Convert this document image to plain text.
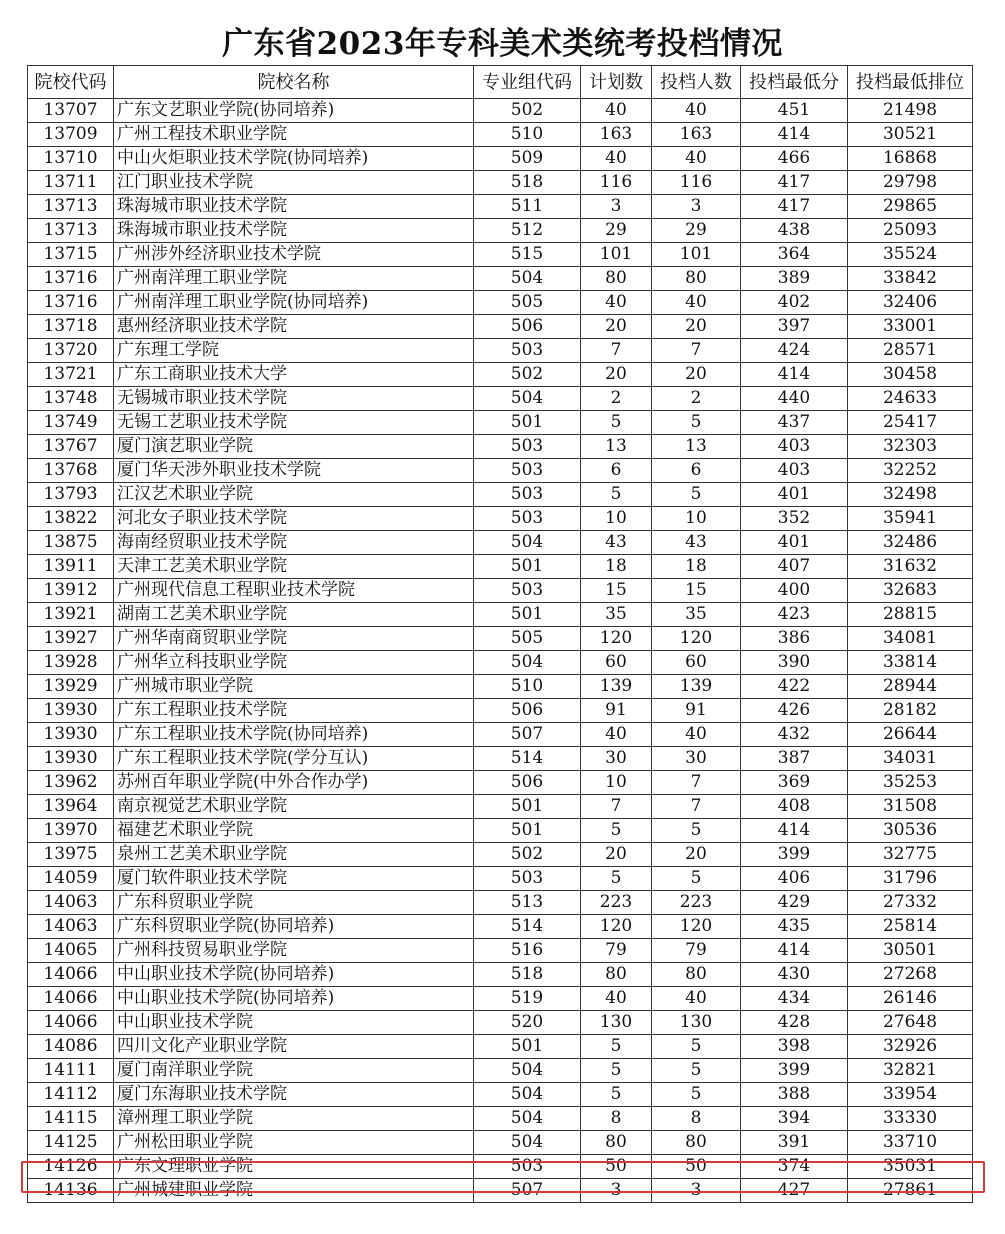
广东省2023年专科美术类统考投档情况
院校代码	院校名称	专业组代码	计划数	投档人数	投档最低分	投档最低排位
13707	广东文艺职业学院(协同培养)	502	40	40	451	21498
13709	广州工程技术职业学院	510	163	163	414	30521
13710	中山火炬职业技术学院(协同培养)	509	40	40	466	16868
13711	江门职业技术学院	518	116	116	417	29798
13713	珠海城市职业技术学院	511	3	3	417	29865
13713	珠海城市职业技术学院	512	29	29	438	25093
13715	广州涉外经济职业技术学院	515	101	101	364	35524
13716	广州南洋理工职业学院	504	80	80	389	33842
13716	广州南洋理工职业学院(协同培养)	505	40	40	402	32406
13718	惠州经济职业技术学院	506	20	20	397	33001
13720	广东理工学院	503	7	7	424	28571
13721	广东工商职业技术大学	502	20	20	414	30458
13748	无锡城市职业技术学院	504	2	2	440	24633
13749	无锡工艺职业技术学院	501	5	5	437	25417
13767	厦门演艺职业学院	503	13	13	403	32303
13768	厦门华天涉外职业技术学院	503	6	6	403	32252
13793	江汉艺术职业学院	503	5	5	401	32498
13822	河北女子职业技术学院	503	10	10	352	35941
13875	海南经贸职业技术学院	504	43	43	401	32486
13911	天津工艺美术职业学院	501	18	18	407	31632
13912	广州现代信息工程职业技术学院	503	15	15	400	32683
13921	湖南工艺美术职业学院	501	35	35	423	28815
13927	广州华南商贸职业学院	505	120	120	386	34081
13928	广州华立科技职业学院	504	60	60	390	33814
13929	广州城市职业学院	510	139	139	422	28944
13930	广东工程职业技术学院	506	91	91	426	28182
13930	广东工程职业技术学院(协同培养)	507	40	40	432	26644
13930	广东工程职业技术学院(学分互认)	514	30	30	387	34031
13962	苏州百年职业学院(中外合作办学)	506	10	7	369	35253
13964	南京视觉艺术职业学院	501	7	7	408	31508
13970	福建艺术职业学院	501	5	5	414	30536
13975	泉州工艺美术职业学院	502	20	20	399	32775
14059	厦门软件职业技术学院	503	5	5	406	31796
14063	广东科贸职业学院	513	223	223	429	27332
14063	广东科贸职业学院(协同培养)	514	120	120	435	25814
14065	广州科技贸易职业学院	516	79	79	414	30501
14066	中山职业技术学院(协同培养)	518	80	80	430	27268
14066	中山职业技术学院(协同培养)	519	40	40	434	26146
14066	中山职业技术学院	520	130	130	428	27648
14086	四川文化产业职业学院	501	5	5	398	32926
14111	厦门南洋职业学院	504	5	5	399	32821
14112	厦门东海职业技术学院	504	5	5	388	33954
14115	漳州理工职业学院	504	8	8	394	33330
14125	广州松田职业学院	504	80	80	391	33710
14126	广东文理职业学院	503	50	50	374	35031
14136	广州城建职业学院	507	3	3	427	27861
